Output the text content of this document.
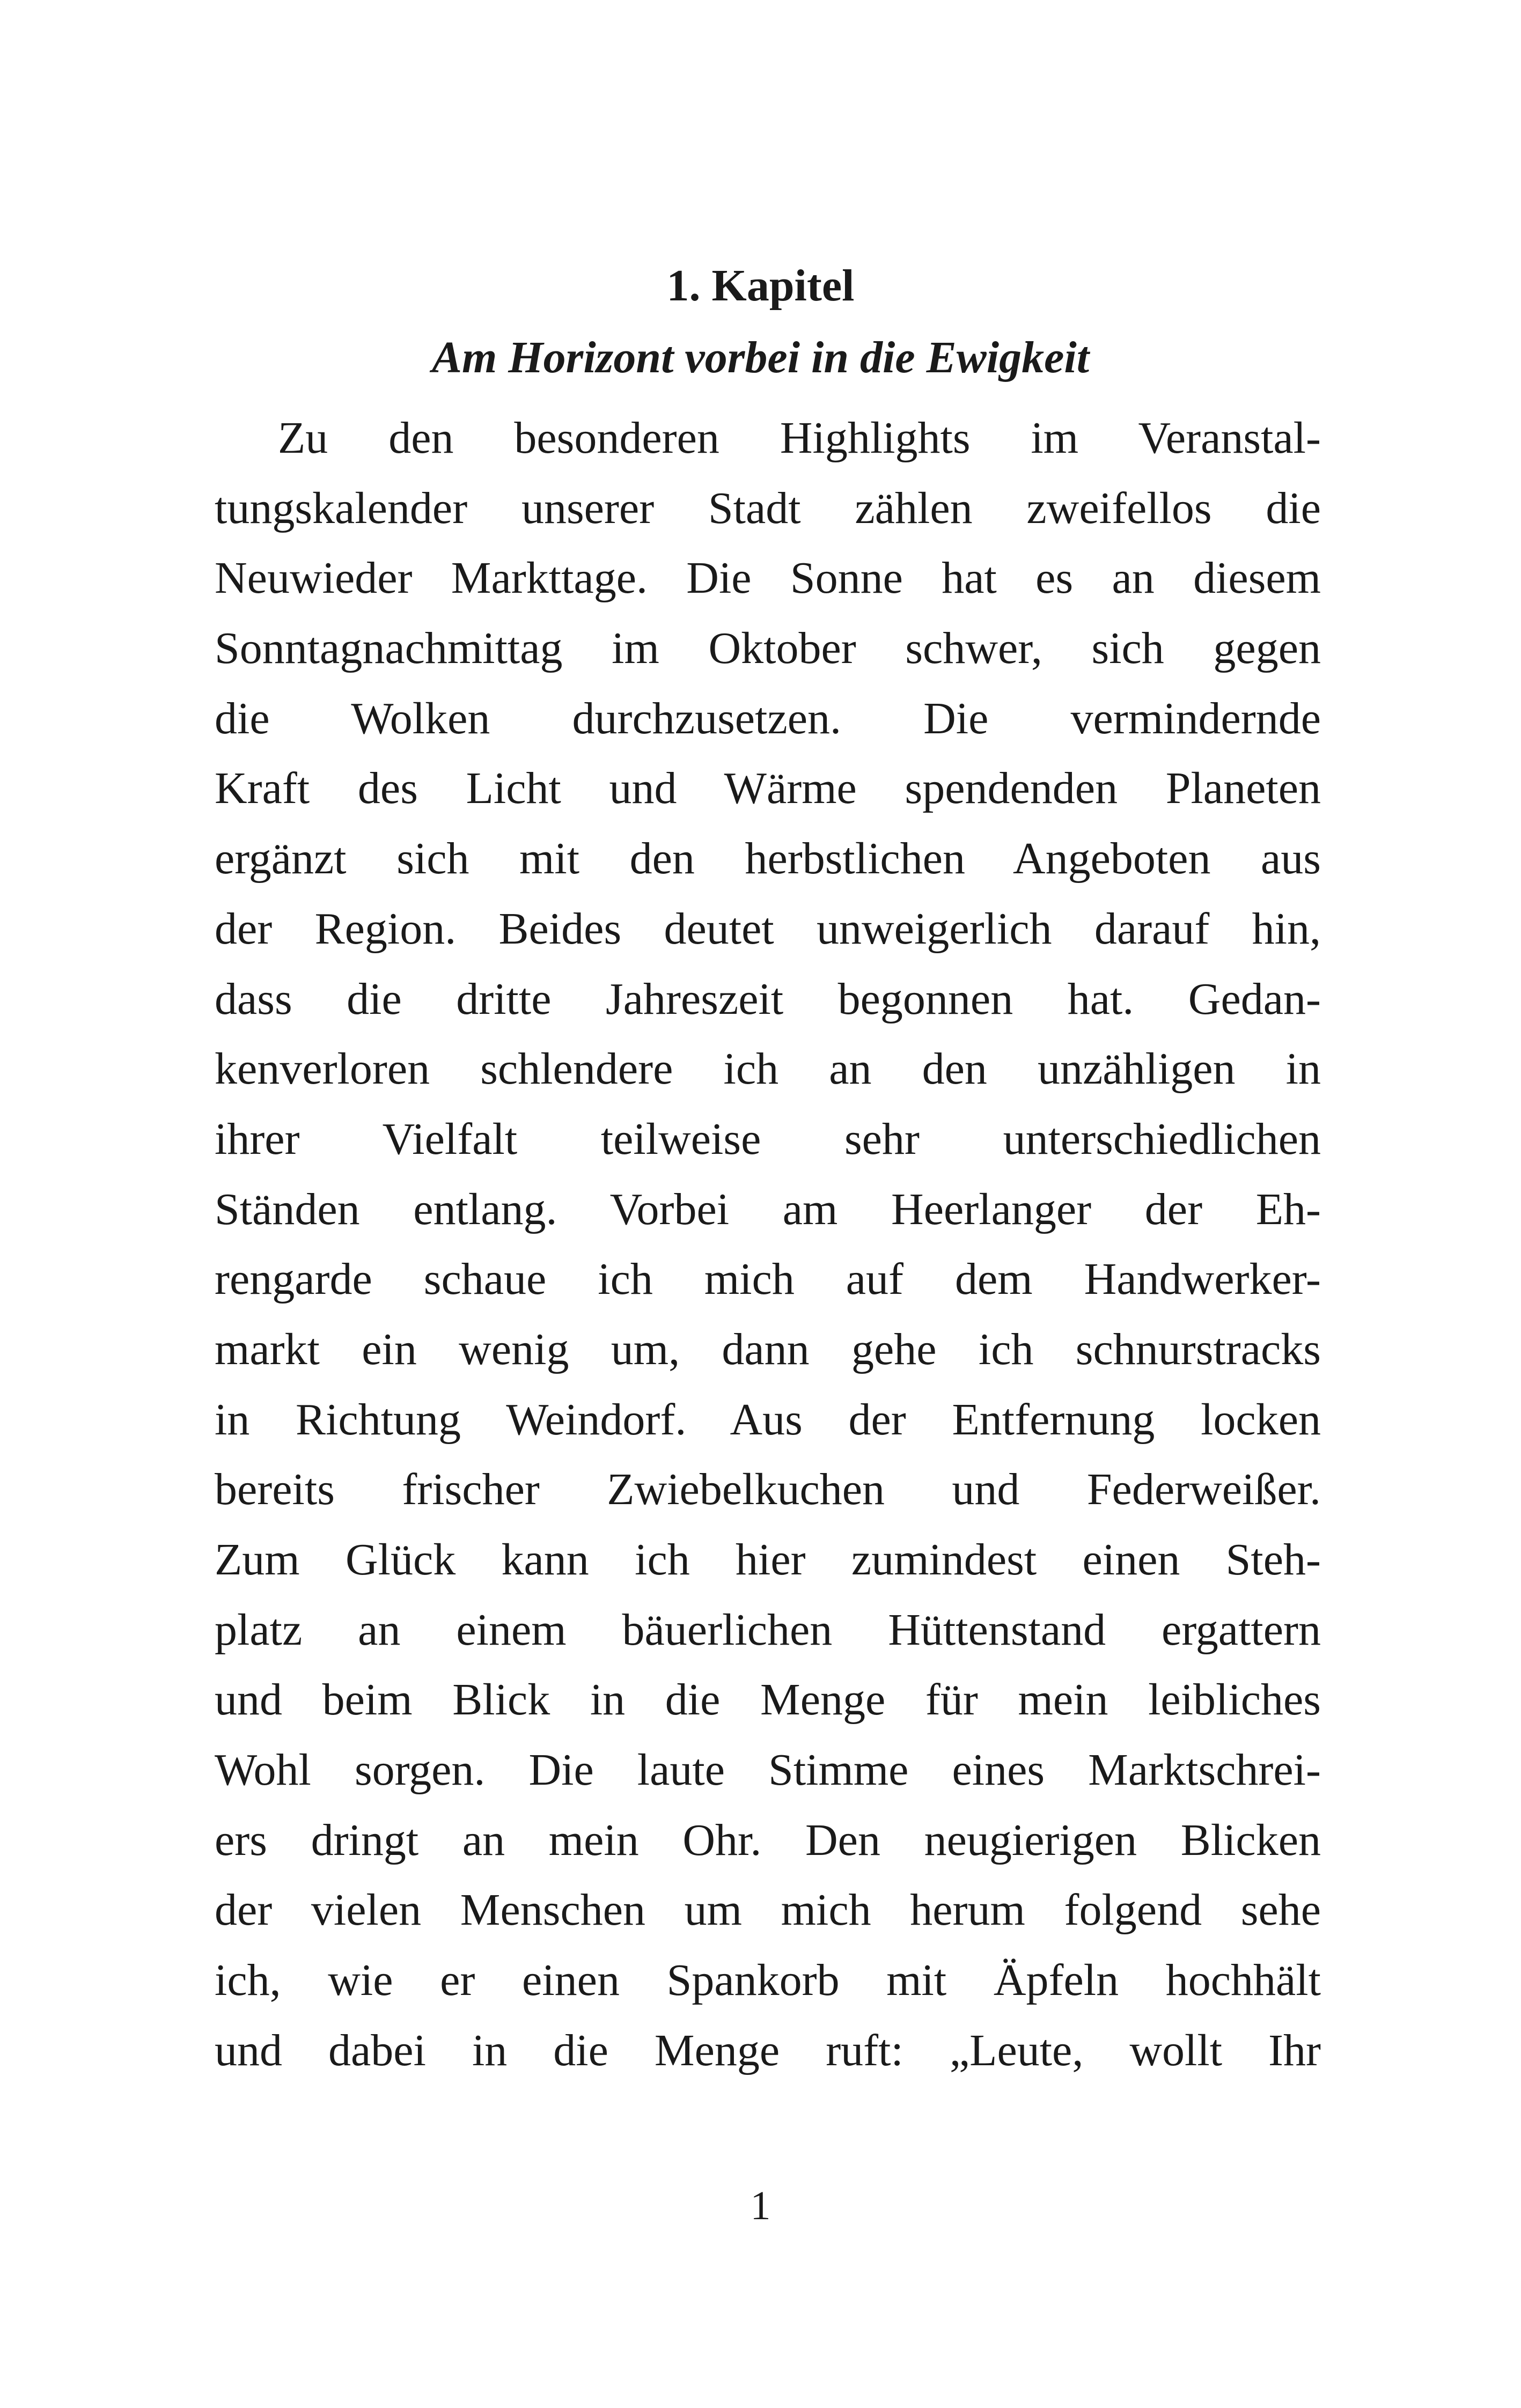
1. Kapitel
Am Horizont vorbei in die Ewigkeit
Zu den besonderen Highlights im Veranstal-
tungskalender unserer Stadt zählen zweifellos die
Neuwieder Markttage. Die Sonne hat es an diesem
Sonntagnachmittag im Oktober schwer, sich gegen
die Wolken durchzusetzen. Die vermindernde
Kraft des Licht und Wärme spendenden Planeten
ergänzt sich mit den herbstlichen Angeboten aus
der Region. Beides deutet unweigerlich darauf hin,
dass die dritte Jahreszeit begonnen hat. Gedan-
kenverloren schlendere ich an den unzähligen in
ihrer Vielfalt teilweise sehr unterschiedlichen
Ständen entlang. Vorbei am Heerlanger der Eh-
rengarde schaue ich mich auf dem Handwerker-
markt ein wenig um, dann gehe ich schnurstracks
in Richtung Weindorf. Aus der Entfernung locken
bereits frischer Zwiebelkuchen und Federweißer.
Zum Glück kann ich hier zumindest einen Steh-
platz an einem bäuerlichen Hüttenstand ergattern
und beim Blick in die Menge für mein leibliches
Wohl sorgen. Die laute Stimme eines Marktschrei-
ers dringt an mein Ohr. Den neugierigen Blicken
der vielen Menschen um mich herum folgend sehe
ich, wie er einen Spankorb mit Äpfeln hochhält
und dabei in die Menge ruft: „Leute, wollt Ihr
1
